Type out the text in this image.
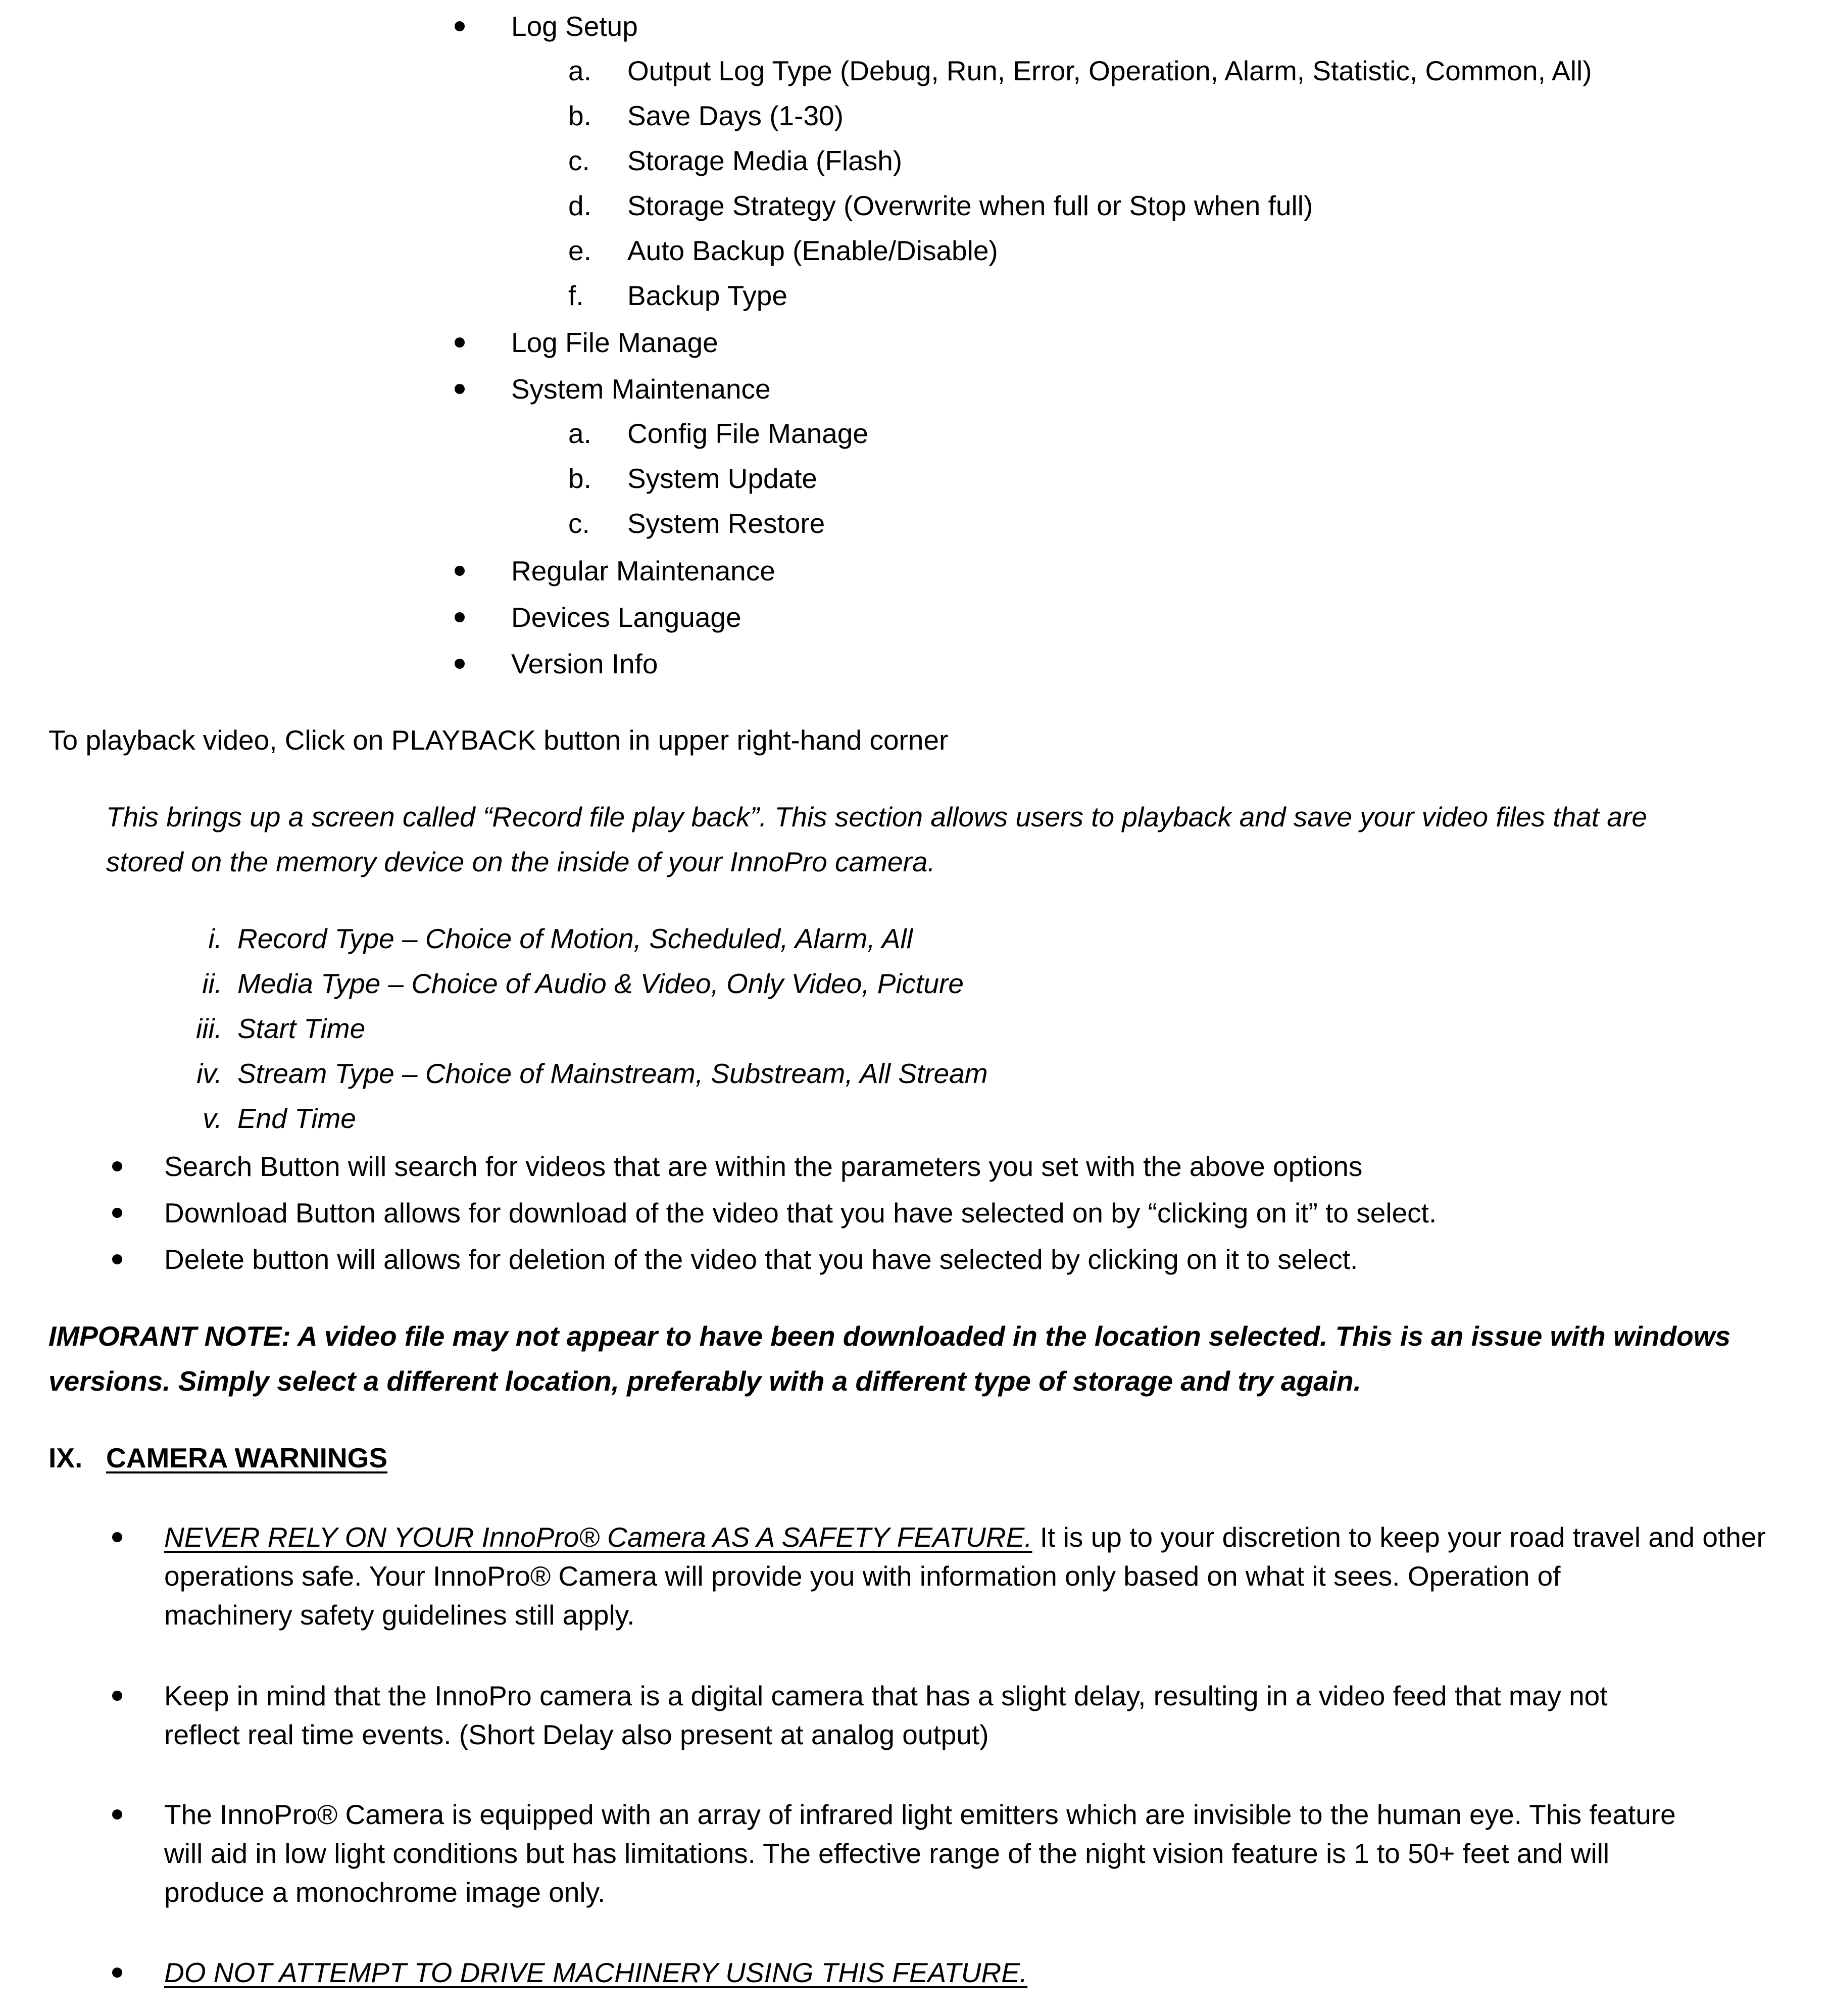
Log Setup
a. Output Log Type (Debug, Run, Error, Operation, Alarm, Statistic, Common, All)
b. Save Days (1-30)
c. Storage Media (Flash)
d. Storage Strategy (Overwrite when full or Stop when full)
e. Auto Backup (Enable/Disable)
f. Backup Type
Log File Manage
System Maintenance
a. Config File Manage
b. System Update
c. System Restore
Regular Maintenance
Devices Language
Version Info
To playback video, Click on PLAYBACK button in upper right-hand corner
This brings up a screen called “Record file play back”. This section allows users to playback and save your video files that are
stored on the memory device on the inside of your InnoPro camera.
i. Record Type – Choice of Motion, Scheduled, Alarm, All
ii. Media Type – Choice of Audio & Video, Only Video, Picture
iii. Start Time
iv. Stream Type – Choice of Mainstream, Substream, All Stream
v. End Time
Search Button will search for videos that are within the parameters you set with the above options
Download Button allows for download of the video that you have selected on by “clicking on it” to select.
Delete button will allows for deletion of the video that you have selected by clicking on it to select.
IMPORANT NOTE: A video file may not appear to have been downloaded in the location selected. This is an issue with windows
versions. Simply select a different location, preferably with a different type of storage and try again.
IX. CAMERA WARNINGS
NEVER RELY ON YOUR InnoPro® Camera AS A SAFETY FEATURE. It is up to your discretion to keep your road travel and other
operations safe. Your InnoPro® Camera will provide you with information only based on what it sees. Operation of
machinery safety guidelines still apply.
Keep in mind that the InnoPro camera is a digital camera that has a slight delay, resulting in a video feed that may not
reflect real time events. (Short Delay also present at analog output)
The InnoPro® Camera is equipped with an array of infrared light emitters which are invisible to the human eye. This feature
will aid in low light conditions but has limitations. The effective range of the night vision feature is 1 to 50+ feet and will
produce a monochrome image only.
DO NOT ATTEMPT TO DRIVE MACHINERY USING THIS FEATURE.
